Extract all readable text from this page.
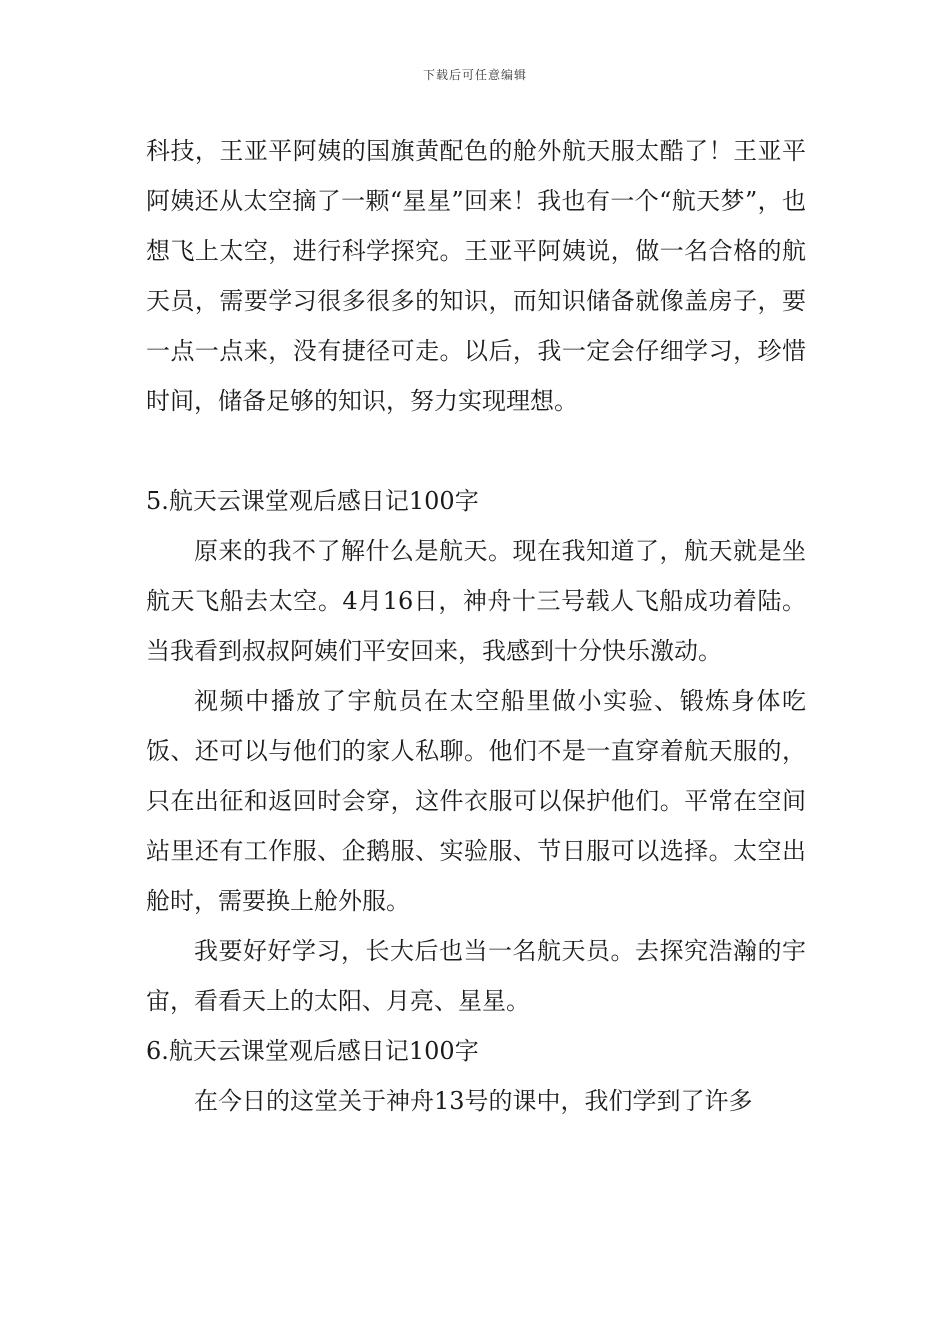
下载后可任意编辑

科技，王亚平阿姨的国旗黄配色的舱外航天服太酷了！王亚平阿姨还从太空摘了一颗“星星”回来！我也有一个“航天梦”，也想飞上太空，进行科学探究。王亚平阿姨说，做一名合格的航天员，需要学习很多很多的知识，而知识储备就像盖房子，要一点一点来，没有捷径可走。以后，我一定会仔细学习，珍惜时间，储备足够的知识，努力实现理想。

5.航天云课堂观后感日记100字

原来的我不了解什么是航天。现在我知道了，航天就是坐航天飞船去太空。4月16日，神舟十三号载人飞船成功着陆。当我看到叔叔阿姨们平安回来，我感到十分快乐激动。

视频中播放了宇航员在太空船里做小实验、锻炼身体吃饭、还可以与他们的家人私聊。他们不是一直穿着航天服的，只在出征和返回时会穿，这件衣服可以保护他们。平常在空间站里还有工作服、企鹅服、实验服、节日服可以选择。太空出舱时，需要换上舱外服。

我要好好学习，长大后也当一名航天员。去探究浩瀚的宇宙，看看天上的太阳、月亮、星星。

6.航天云课堂观后感日记100字

在今日的这堂关于神舟13号的课中，我们学到了许多
